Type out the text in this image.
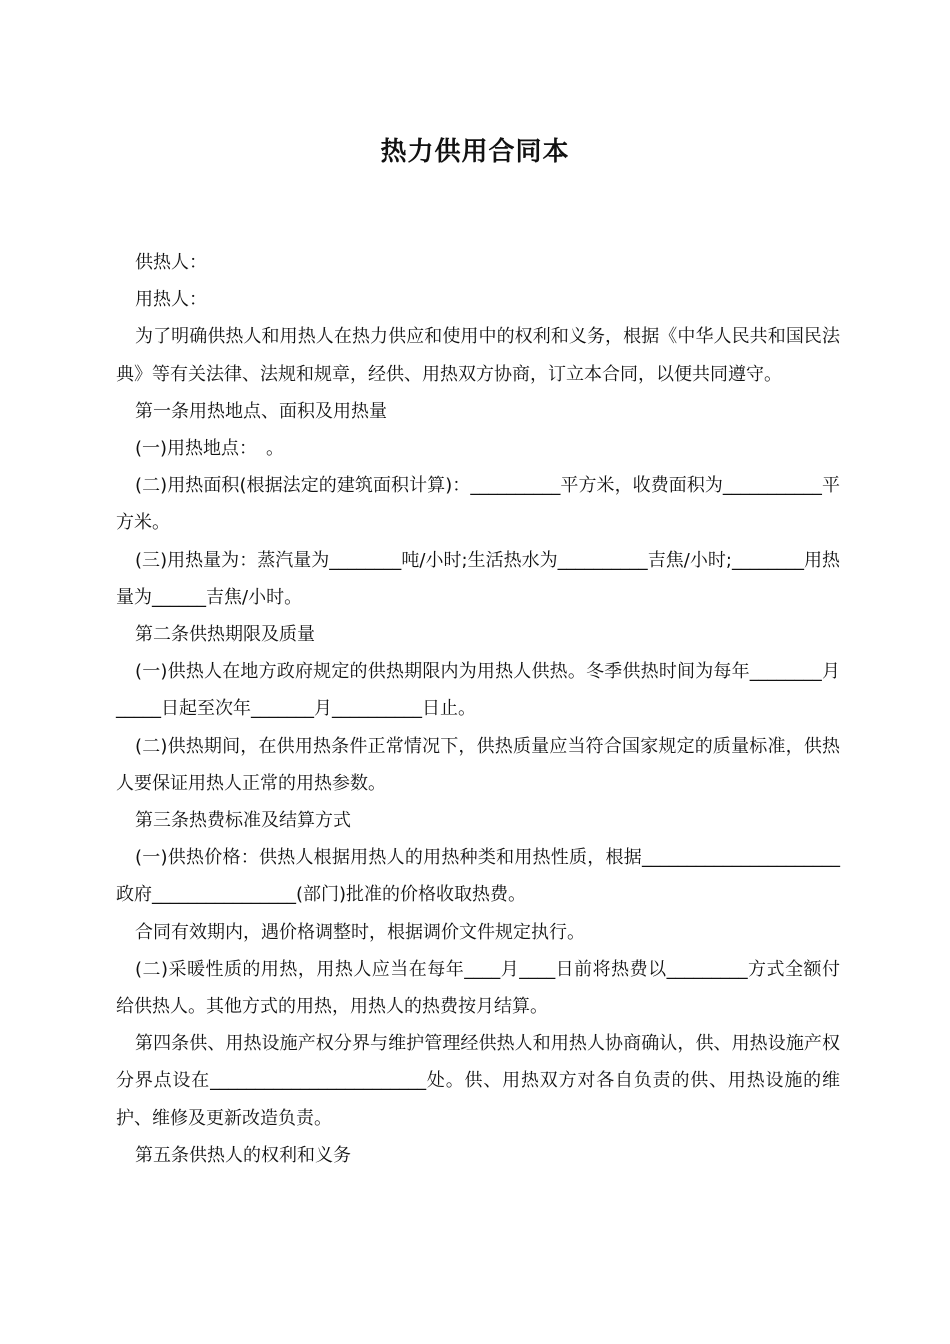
热力供用合同本

供热人：

用热人：

为了明确供热人和用热人在热力供应和使用中的权利和义务，根据《中华人民共和国民法典》等有关法律、法规和规章，经供、用热双方协商，订立本合同，以便共同遵守。

第一条用热地点、面积及用热量

(一)用热地点：　。

(二)用热面积(根据法定的建筑面积计算)：__________平方米，收费面积为___________平方米。

(三)用热量为：蒸汽量为________吨/小时;生活热水为__________吉焦/小时;________用热量为______吉焦/小时。

第二条供热期限及质量

(一)供热人在地方政府规定的供热期限内为用热人供热。冬季供热时间为每年________月_____日起至次年_______月__________日止。

(二)供热期间，在供用热条件正常情况下，供热质量应当符合国家规定的质量标准，供热人要保证用热人正常的用热参数。

第三条热费标准及结算方式

(一)供热价格：供热人根据用热人的用热种类和用热性质，根据______________________政府________________(部门)批准的价格收取热费。

合同有效期内，遇价格调整时，根据调价文件规定执行。

(二)采暖性质的用热，用热人应当在每年____月____日前将热费以_________方式全额付给供热人。其他方式的用热，用热人的热费按月结算。

第四条供、用热设施产权分界与维护管理经供热人和用热人协商确认，供、用热设施产权分界点设在________________________处。供、用热双方对各自负责的供、用热设施的维护、维修及更新改造负责。

第五条供热人的权利和义务
